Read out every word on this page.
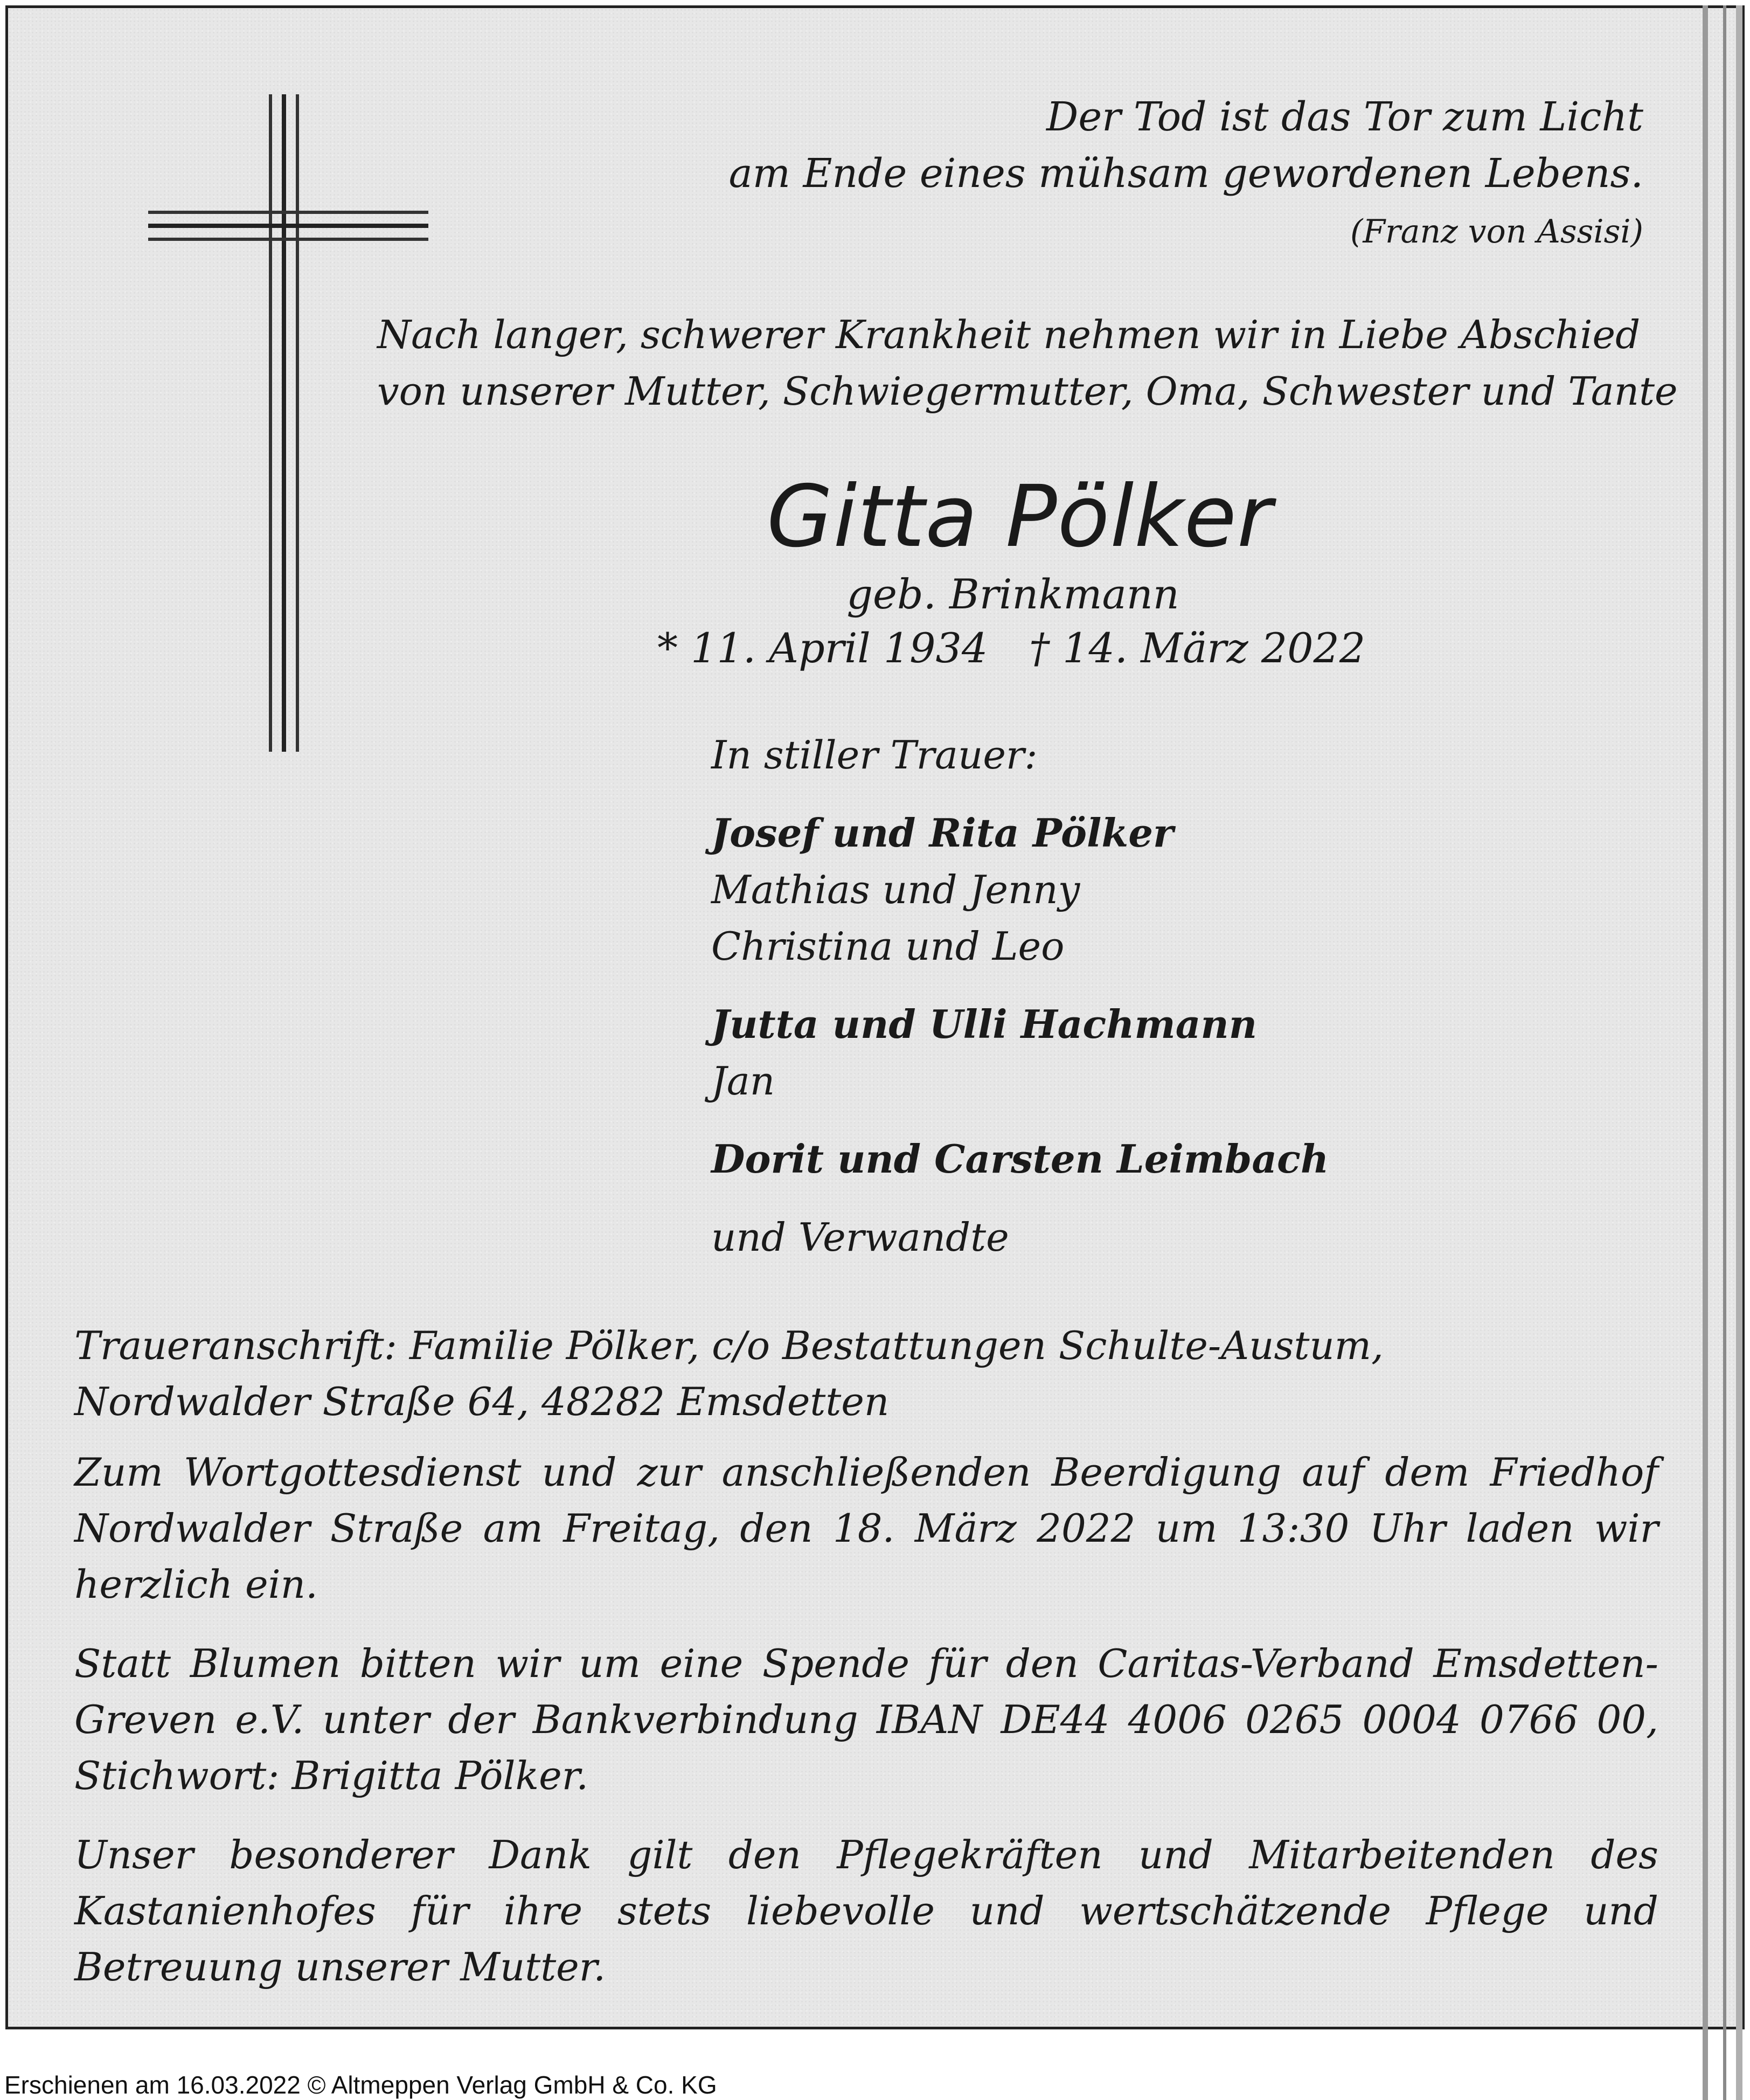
Der Tod ist das Tor zum Licht
am Ende eines mühsam gewordenen Lebens.
(Franz von Assisi)
Nach langer, schwerer Krankheit nehmen wir in Liebe Abschied
von unserer Mutter, Schwiegermutter, Oma, Schwester und Tante
Gitta Pölker
geb. Brinkmann
* 11. April 1934 † 14. März 2022
In stiller Trauer:
Josef und Rita Pölker
Mathias und Jenny
Christina und Leo
Jutta und Ulli Hachmann
Jan
Dorit und Carsten Leimbach
und Verwandte
Traueranschrift: Familie Pölker, c/o Bestattungen Schulte-Austum,
Nordwalder Straße 64, 48282 Emsdetten
Zum Wortgottesdienst und zur anschließenden Beerdigung auf dem Friedhof Nordwalder Straße am Freitag, den 18. März 2022 um 13:30 Uhr laden wir herzlich ein.
Statt Blumen bitten wir um eine Spende für den Caritas-Verband Emsdetten-Greven e.V. unter der Bankverbindung IBAN DE44 4006 0265 0004 0766 00, Stichwort: Brigitta Pölker.
Unser besonderer Dank gilt den Pflegekräften und Mitarbeitenden des Kastanienhofes für ihre stets liebevolle und wertschätzende Pflege und Betreuung unserer Mutter.
Erschienen am 16.03.2022 © Altmeppen Verlag GmbH & Co. KG
